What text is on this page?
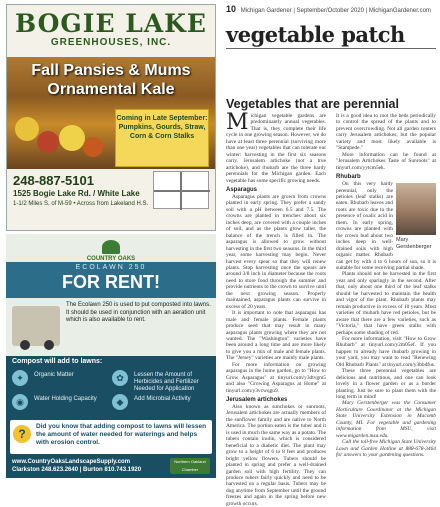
BOGIE LAKE
GREENHOUSES, INC.
Fall Pansies & Mums
Ornamental Kale
Coming in Late September: Pumpkins, Gourds, Straw, Corn & Corn Stalks
248-887-5101
1525 Bogie Lake Rd. / White Lake
1-1/2 Miles S. of M-59 • Across from Lakeland H.S.
COUNTRY OAKS
ECOLAWN 250
FOR RENT!
The Ecolawn 250 is used to put composted into lawns. It should be used in conjunction with an aeration unit which is also available to rent.
Compost will add to lawns:
✦	Organic Matter	✿	Lessen the Amount of Herbicides and Fertilizer Needed for Application
◉	Water Holding Capacity	◆	Add Microbial Activity
?
Did you know that adding compost to lawns will lessen the amount of water needed for waterings and helps with erosion control.
www.CountryOaksLandscapeSupply.com
Clarkston 248.623.2640 | Burton 810.743.1920
Northern Oakland Chamber
10 Michigan Gardener | September/October 2020 | MichiganGardener.com
vegetable patch
Vegetables that are perennial

Michigan vegetable gardens are predominantly annual vegetables. That is, they complete their life cycle in one growing season. However, we do have at least three perennial (surviving more than one year) vegetables that can tolerate our winter: harvesting in the first six seasons carry. Jerusalem artichoke (not a true artichoke), and rhubarb are the three hardy perennials for the Michigan garden. Each vegetable has some specific growing needs.

Asparagus

Asparagus plants are grown from crowns planted in early spring. They prefer a sandy soil with a pH between 6.5 and 7.5. The crowns are planted in trenches about six inches deep, are covered with a couple inches of soil, and as the plants grow taller, the balance of the trench is filled in. The asparagus is allowed to grow without harvesting in the first two seasons. In the third year, some harvesting may begin. Never harvest every spear so that they will renew plants. Stop harvesting once the spears are around 3/8 inch in diameter because the roots need to store food through the summer and provide nutrients to the crown to survive until the next growing season. Properly maintained, asparagus plants can survive in excess of 20 years.

It is important to note that asparagus has male and female plants. Female plants produce seed that may result in many asparagus plants growing where they are not wanted. The "Washington" varieties have been around a long time and are more likely to give you a mix of male and female plants. The "Jersey" varieties are mainly male plants.

For more information on growing asparagus in the home garden, go to "How to Grow Asparagus" at tinyurl.com/y3dtvgm5 and also "Growing Asparagus at Home" at tinyurl.com/y3vcwqgu9.

Jerusalem artichokes

Also known as sunchokes or sunroots, Jerusalem artichokes are actually members of the sunflower family and are native to North America. The portion eaten is the tuber and it is used in much the same way as a potato. The tubers contain inulin, which is considered beneficial to a diabetic diet. The plant may grow to a height of 6 to 8 feet and produces bright yellow flowers. Tubers should be planted in spring and prefer a well-drained garden soil with high fertility. They can produce tubers fairly quickly and need to be harvested on a regular basis. Tubers may be dug anytime from September until the ground freezes and again in the spring before new growth occurs.

It is a good idea to root the beds periodically to control the spread of the plants and to prevent overcrowding. Not all garden centers carry Jerusalem artichokes, but the popular variety and most likely available is "Stampede."

More information can be found at "Jerusalem Artichokes Taste of Sunroots" at tinyurl.com/yytcm5ek.

Rhubarb
Mary
Gerstenberger

On this very hardy perennial, only the petioles (leaf stalks) are eaten. Rhubarb leaves and roots are toxic due to the presence of oxalic acid in them. In early spring, crowns are planted with the crown bud about two inches deep in well-drained soils with high organic matter. Rhubarb can get by with 4 to 6 hours of sun, so it is suitable for some receiving partial shade.

Plants should not be harvested in the first year and only sparingly in the second. After that, only about one third of the leaf stalks should be harvested to maintain the health and vigor of the plant. Rhubarb plants may remain productive in excess of 10 years. Most varieties of rhubarb have red petioles, but be aware that there are a few varieties, such as "Victoria," that have green stalks with perhaps some shading of red.

For more information, visit "How to Grow Rhubarb" at tinyurl.com/y2m05ef. If you happen to already have rhubarb growing in your yard, you may want to read "Renewing Old Rhubarb Plants" at tinyurl.com/y3bbdfus.

These three perennial vegetables are delicious and nutritious, and one can look lovely in a flower garden or as a border planting. Just be sure to plant them with the long term in mind!

Mary Gerstenberger was the Consumer Horticulture Coordinator at the Michigan State University Extension in Macomb County, MI. For vegetable and gardening information from MSU, visit www.migarden.msu.edu.

Call the toll-free Michigan State University Lawn and Garden Hotline at 888-678-3464 for answers to your gardening questions.
